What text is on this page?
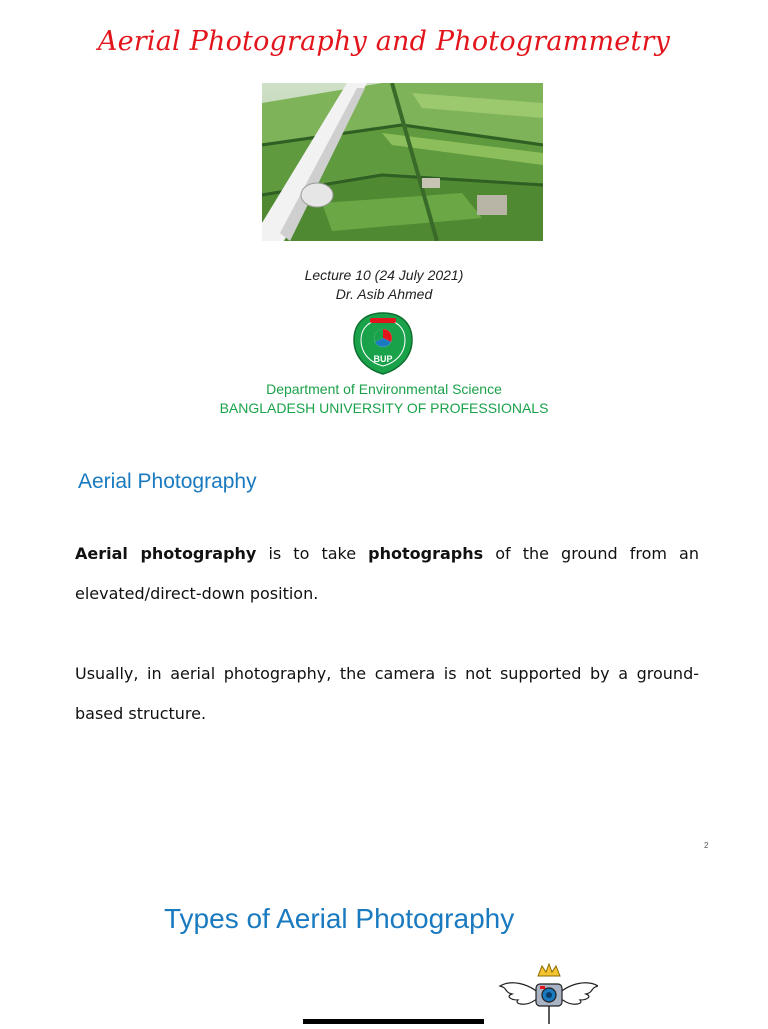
Aerial Photography and Photogrammetry
Lecture 10 (24 July 2021)
Dr. Asib Ahmed
BUP
Department of Environmental Science
BANGLADESH UNIVERSITY OF PROFESSIONALS
Aerial Photography
Aerial photography is to take photographs of the ground from an elevated/direct-down position.
Usually, in aerial photography, the camera is not supported by a ground-based structure.
2
Types of Aerial Photography
